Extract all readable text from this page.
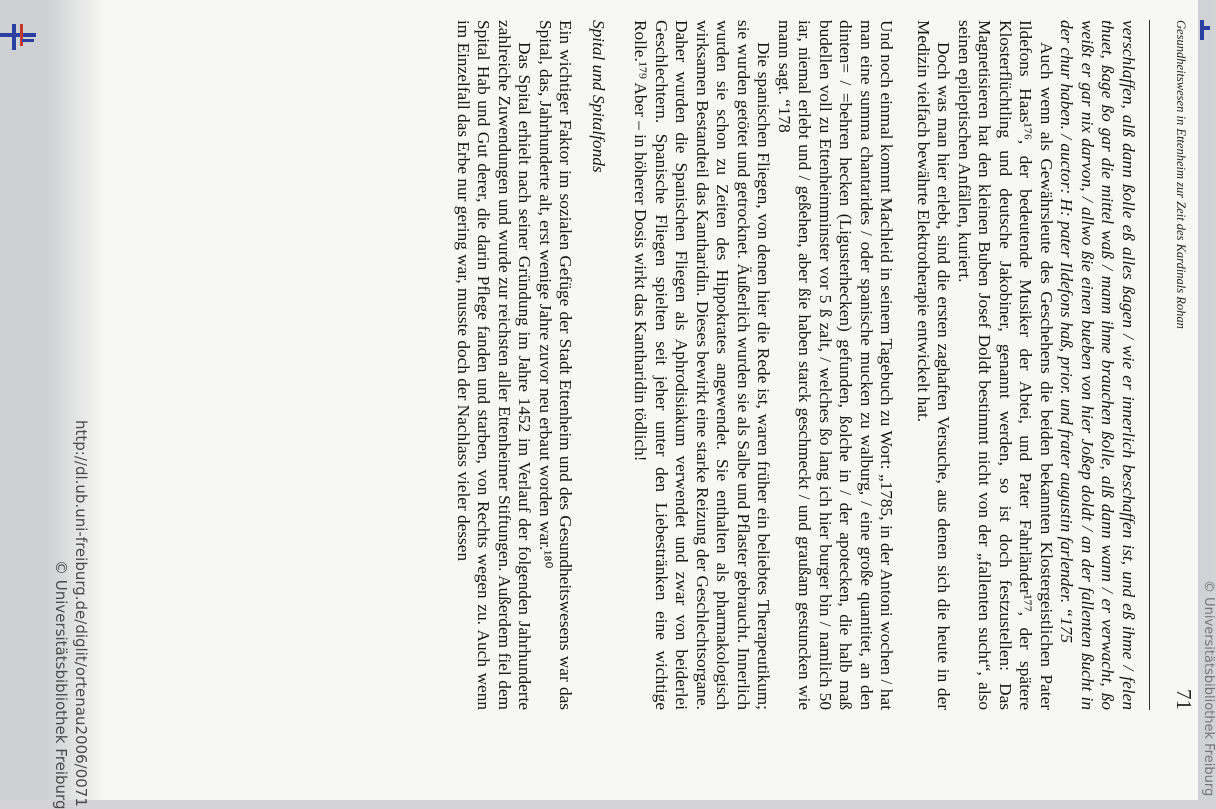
Gesundheitswesen in Ettenheim zur Zeit des Kardinals Rohan
71

verschlaffen, alß dann ßolle eß alles ßagen / wie er innerlich beschaffen ist, und eß ihme / felen thuet, ßage ßo gar die mittel waß / mann ihme brauchen ßolle, alß dann wann / er verwacht, ßo weißt er gar nix darvon, / allwo ßie einen bueben von hier Joßep doldt / an der fallenten ßucht in der chur haben. / auctor: H: pater Ildefons haß, prior. und frater augustin farlender. “175

Auch wenn als Gewährsleute des Geschehens die beiden bekannten Klostergeistlichen Pater Ildefons Haas¹⁷⁶, der bedeutende Musiker der Abtei, und Pater Fahrländer¹⁷⁷, der spätere Klosterflüchtling und deutsche Jakobiner, genannt werden, so ist doch festzustellen: Das Magnetisieren hat den kleinen Buben Josef Doldt bestimmt nicht von der „fallenten sucht“, also seinen epileptischen Anfällen, kuriert.

Doch was man hier erlebt, sind die ersten zaghaften Versuche, aus denen sich die heute in der Medizin vielfach bewährte Elektrotherapie entwickelt hat.

Und noch einmal kommt Machleid in seinem Tagebuch zu Wort: „1785, in der Antoni wochen / hat man eine summa chantarides / oder spanische mucken zu walburg, / eine große quantitet, an den dinten= / =behren hecken (Ligusterhecken) gefunden, ßolche in / der apotecken, die halb maß budellen voll zu Ettenheimminster vor 5 ß zalt, / welches ßo lang ich hier burger bin / namlich 50 iar, niemal erlebt und / geßehen, aber ßie haben starck geschmeckt / und graußam gestuncken wie mann sagt. “178

Die spanischen Fliegen, von denen hier die Rede ist, waren früher ein beliebtes Therapeutikum; sie wurden getötet und getrocknet. Äußerlich wurden sie als Salbe und Pflaster gebraucht. Innerlich wurden sie schon zu Zeiten des Hippokrates angewendet. Sie enthalten als pharmakologisch wirksamen Bestandteil das Kantharidin. Dieses bewirkt eine starke Reizung der Geschlechtsorgane. Daher wurden die Spanischen Fliegen als Aphrodisiakum verwendet und zwar von beiderlei Geschlechtern. Spanische Fliegen spielten seit jeher unter den Liebestränken eine wichtige Rolle.¹⁷⁹ Aber – in höherer Dosis wirkt das Kantharidin tödlich!

Spital und Spitalfonds

Ein wichtiger Faktor im sozialen Gefüge der Stadt Ettenheim und des Gesundheitswesens war das Spital, das, Jahrhunderte alt, erst wenige Jahre zuvor neu erbaut worden war.¹⁸⁰

Das Spital erhielt nach seiner Gründung im Jahre 1452 im Verlauf der folgenden Jahrhunderte zahlreiche Zuwendungen und wurde zur reichsten aller Ettenheimer Stiftungen. Außerdem fiel dem Spital Hab und Gut derer, die darin Pflege fanden und starben, von Rechts wegen zu. Auch wenn im Einzelfall das Erbe nur gering war, musste doch der Nachlass vieler dessen

http://dl.ub.uni-freiburg.de/diglit/ortenau2006/0071
© Universitätsbibliothek Freiburg	© Universitätsbibliothek Freiburg
